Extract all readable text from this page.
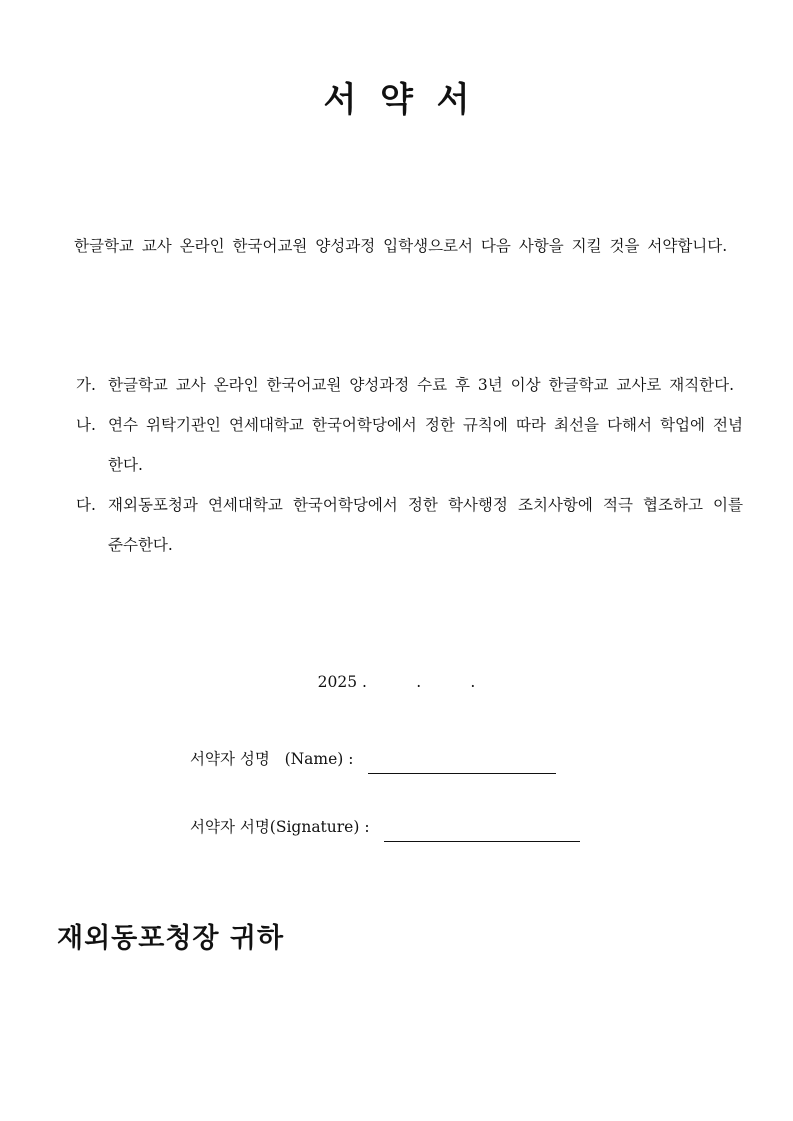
서  약  서

한글학교 교사 온라인 한국어교원 양성과정 입학생으로서 다음 사항을 지킬 것을 서약합니다.

가. 한글학교 교사 온라인 한국어교원 양성과정 수료 후 3년 이상 한글학교 교사로 재직한다.
나. 연수 위탁기관인 연세대학교 한국어학당에서 정한 규칙에 따라 최선을 다해서 학업에 전념한다.
다. 재외동포청과 연세대학교 한국어학당에서 정한 학사행정 조치사항에 적극 협조하고 이를 준수한다.
2025 .          .          .
서약자 성명   (Name) :
서약자 서명(Signature) :
재외동포청장 귀하
